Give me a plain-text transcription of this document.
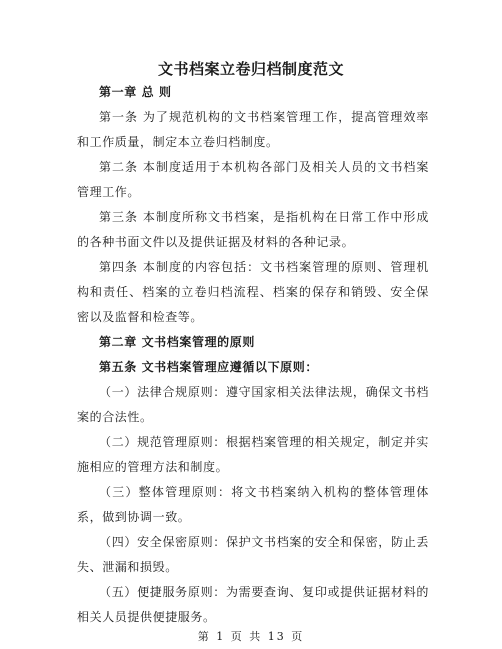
文书档案立卷归档制度范文

第一章 总 则

第一条 为了规范机构的文书档案管理工作，提高管理效率和工作质量，制定本立卷归档制度。

第二条 本制度适用于本机构各部门及相关人员的文书档案管理工作。

第三条 本制度所称文书档案，是指机构在日常工作中形成的各种书面文件以及提供证据及材料的各种记录。

第四条 本制度的内容包括：文书档案管理的原则、管理机构和责任、档案的立卷归档流程、档案的保存和销毁、安全保密以及监督和检查等。

第二章 文书档案管理的原则

第五条 文书档案管理应遵循以下原则：

（一）法律合规原则：遵守国家相关法律法规，确保文书档案的合法性。

（二）规范管理原则：根据档案管理的相关规定，制定并实施相应的管理方法和制度。

（三）整体管理原则：将文书档案纳入机构的整体管理体系，做到协调一致。

（四）安全保密原则：保护文书档案的安全和保密，防止丢失、泄漏和损毁。

（五）便捷服务原则：为需要查询、复印或提供证据材料的相关人员提供便捷服务。

第 1 页 共 13 页
